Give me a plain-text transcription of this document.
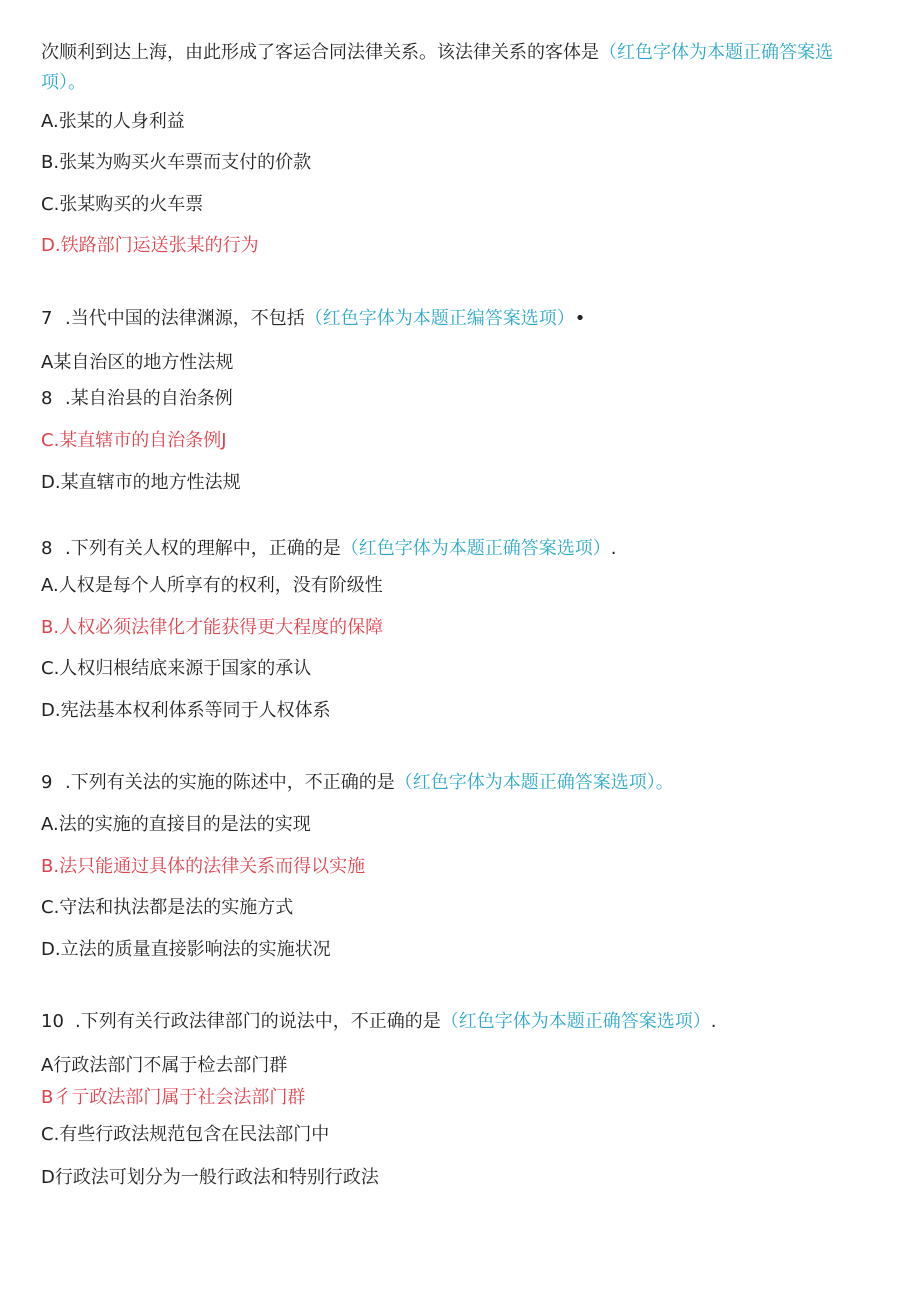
次顺利到达上海，由此形成了客运合同法律关系。该法律关系的客体是（红色字体为本题正确答案选项）。
A.张某的人身利益
B.张某为购买火车票而支付的价款
C.张某购买的火车票
D.铁路部门运送张某的行为
7 .当代中国的法律渊源，不包括（红色字体为本题正编答案选项）•
A某自治区的地方性法规
8 .某自治县的自治条例
C.某直辖市的自治条例J
D.某直辖市的地方性法规
8 .下列有关人权的理解中，正确的是（红色字体为本题正确答案选项）.
A.人权是每个人所享有的权利，没有阶级性
B.人权必须法律化才能获得更大程度的保障
C.人权归根结底来源于国家的承认
D.宪法基本权利体系等同于人权体系
9 .下列有关法的实施的陈述中，不正确的是（红色字体为本题正确答案选项）。
A.法的实施的直接目的是法的实现
B.法只能通过具体的法律关系而得以实施
C.守法和执法都是法的实施方式
D.立法的质量直接影响法的实施状况
10 .下列有关行政法律部门的说法中，不正确的是（红色字体为本题正确答案选项）.
A行政法部门不属于检去部门群
B彳亍政法部门属于社会法部门群
C.有些行政法规范包含在民法部门中
D行政法可划分为一般行政法和特别行政法
